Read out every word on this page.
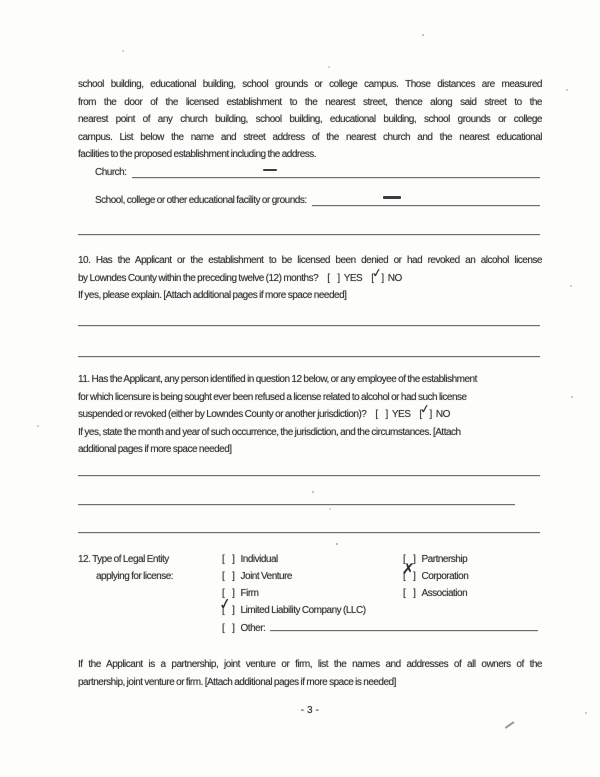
school building, educational building, school grounds or college campus. Those distances are measured
from the door of the licensed establishment to the nearest street, thence along said street to the
nearest point of any church building, school building, educational building, school grounds or college
campus. List below the name and street address of the nearest church and the nearest educational
facilities to the proposed establishment including the address.
Church:
School, college or other educational facility or grounds:
10. Has the Applicant or the establishment to be licensed been denied or had revoked an alcohol license
by Lowndes County within the preceding twelve (12) months? [  ]	YES [  ] ✓ NO
If yes, please explain. [Attach additional pages if more space needed]
11. Has the Applicant, any person identified in question 12 below, or any employee of the establishment
for which licensure is being sought ever been refused a license related to alcohol or had such license
suspended or revoked (either by Lowndes County or another jurisdiction)? [  ]	YES [  ] ✓ NO
If yes, state the month and year of such occurrence, the jurisdiction, and the circumstances. [Attach
additional pages if more space needed]
12. Type of Legal Entity
applying for license:
[  ]
Individual
[  ]
Joint Venture
[  ]
Firm
[  ] ✓ Limited Liability Company (LLC)
[  ]
Other:
[  ]
Partnership
[  ] ✗ Corporation
[  ]
Association
If the Applicant is a partnership, joint venture or firm, list the names and addresses of all owners of the
partnership, joint venture or firm. [Attach additional pages if more space is needed]
- 3 -
